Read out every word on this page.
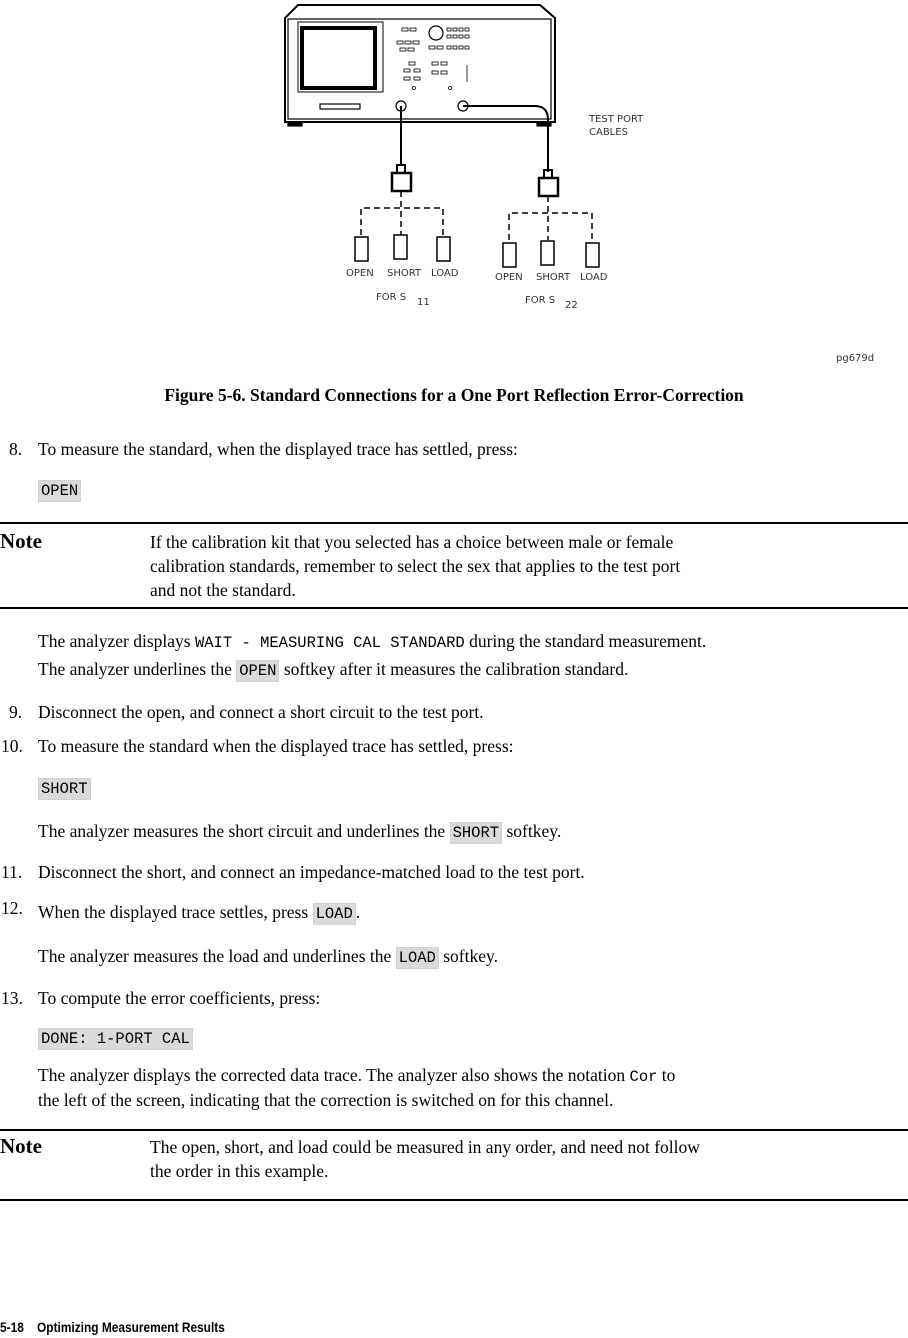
TEST PORT
CABLES
OPEN SHORT LOAD
FOR S 11
OPEN SHORT LOAD
FOR S 22
pg679d
Figure 5-6. Standard Connections for a One Port Reflection Error-Correction
8. To measure the standard, when the displayed trace has settled, press:
OPEN
Note	If the calibration kit that you selected has a choice between male or female
calibration standards, remember to select the sex that applies to the test port
and not the standard.
The analyzer displays WAIT - MEASURING CAL STANDARD during the standard measurement.
The analyzer underlines the OPEN softkey after it measures the calibration standard.
9. Disconnect the open, and connect a short circuit to the test port.
10. To measure the standard when the displayed trace has settled, press:
SHORT
The analyzer measures the short circuit and underlines the SHORT softkey.
11. Disconnect the short, and connect an impedance-matched load to the test port.
12. When the displayed trace settles, press LOAD .
The analyzer measures the load and underlines the LOAD softkey.
13. To compute the error coefficients, press:
DONE: 1-PORT CAL
The analyzer displays the corrected data trace. The analyzer also shows the notation Cor to
the left of the screen, indicating that the correction is switched on for this channel.
Note	The open, short, and load could be measured in any order, and need not follow
the order in this example.
5-18    Optimizing Measurement Results
